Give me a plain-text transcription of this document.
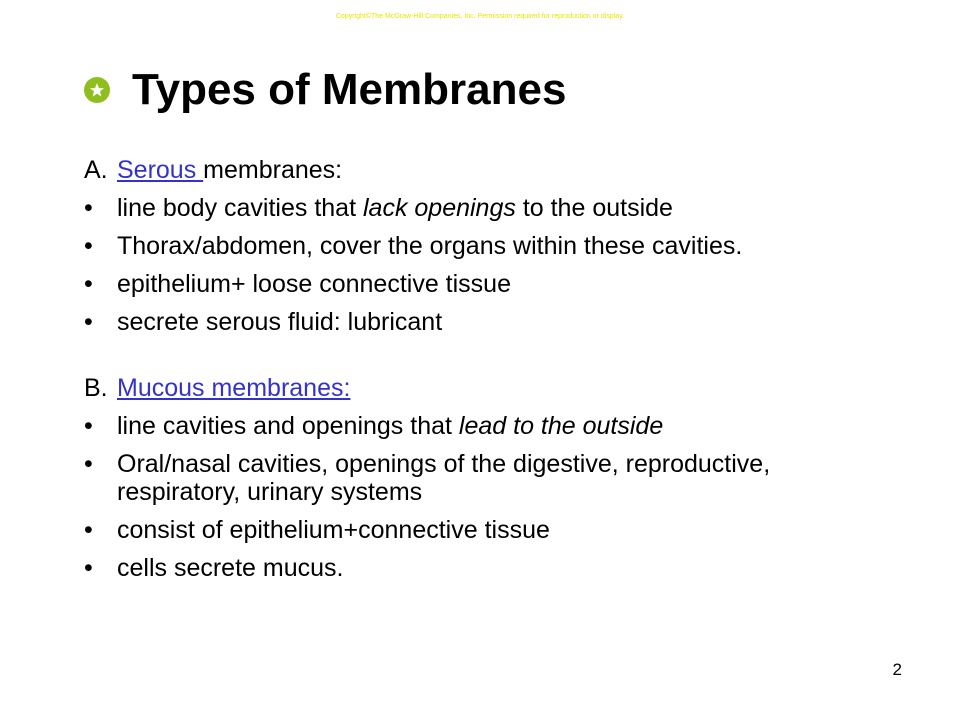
Copyright©The McGraw-Hill Companies, Inc. Permission required for reproduction or display.
Types of Membranes
A. Serous membranes:
• line body cavities that lack openings to the outside
• Thorax/abdomen, cover the organs within these cavities.
• epithelium+ loose connective tissue
• secrete serous fluid: lubricant
B. Mucous membranes:
• line cavities and openings that lead to the outside
• Oral/nasal cavities, openings of the digestive, reproductive, respiratory, urinary systems
• consist of epithelium+connective tissue
• cells secrete mucus.
2
